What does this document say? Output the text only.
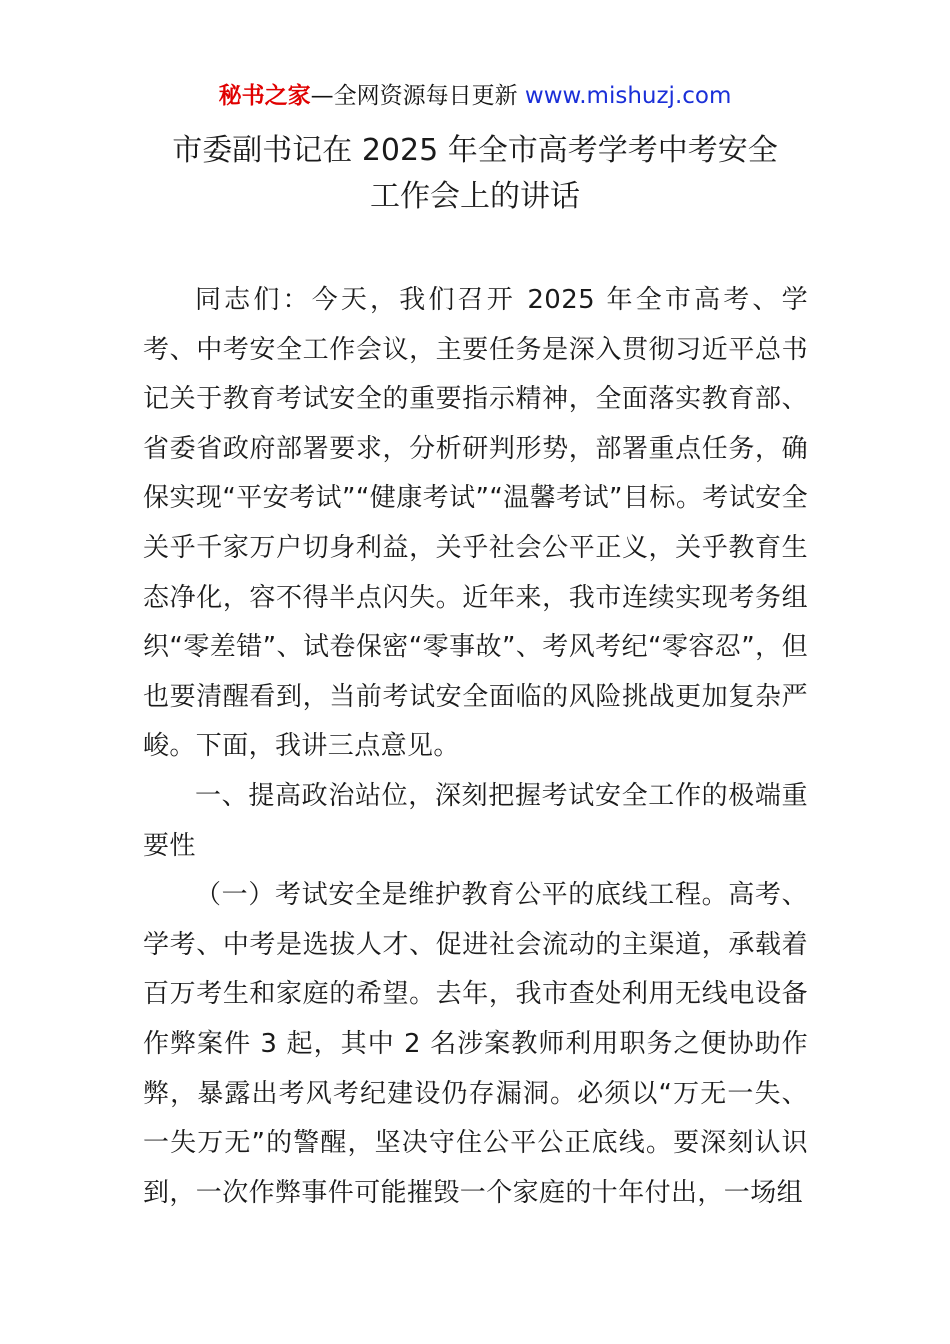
秘书之家—全网资源每日更新 www.mishuzj.com
市委副书记在 2025 年全市高考学考中考安全
工作会上的讲话

同志们：今天，我们召开 2025 年全市高考、学考、中考安全工作会议，主要任务是深入贯彻习近平总书记关于教育考试安全的重要指示精神，全面落实教育部、省委省政府部署要求，分析研判形势，部署重点任务，确保实现“平安考试”“健康考试”“温馨考试”目标。考试安全关乎千家万户切身利益，关乎社会公平正义，关乎教育生态净化，容不得半点闪失。近年来，我市连续实现考务组织“零差错”、试卷保密“零事故”、考风考纪“零容忍”，但也要清醒看到，当前考试安全面临的风险挑战更加复杂严峻。下面，我讲三点意见。

一、提高政治站位，深刻把握考试安全工作的极端重要性

（一）考试安全是维护教育公平的底线工程。高考、学考、中考是选拔人才、促进社会流动的主渠道，承载着百万考生和家庭的希望。去年，我市查处利用无线电设备作弊案件 3 起，其中 2 名涉案教师利用职务之便协助作弊，暴露出考风考纪建设仍存漏洞。必须以“万无一失、一失万无”的警醒，坚决守住公平公正底线。要深刻认识到，一次作弊事件可能摧毁一个家庭的十年付出，一场组
